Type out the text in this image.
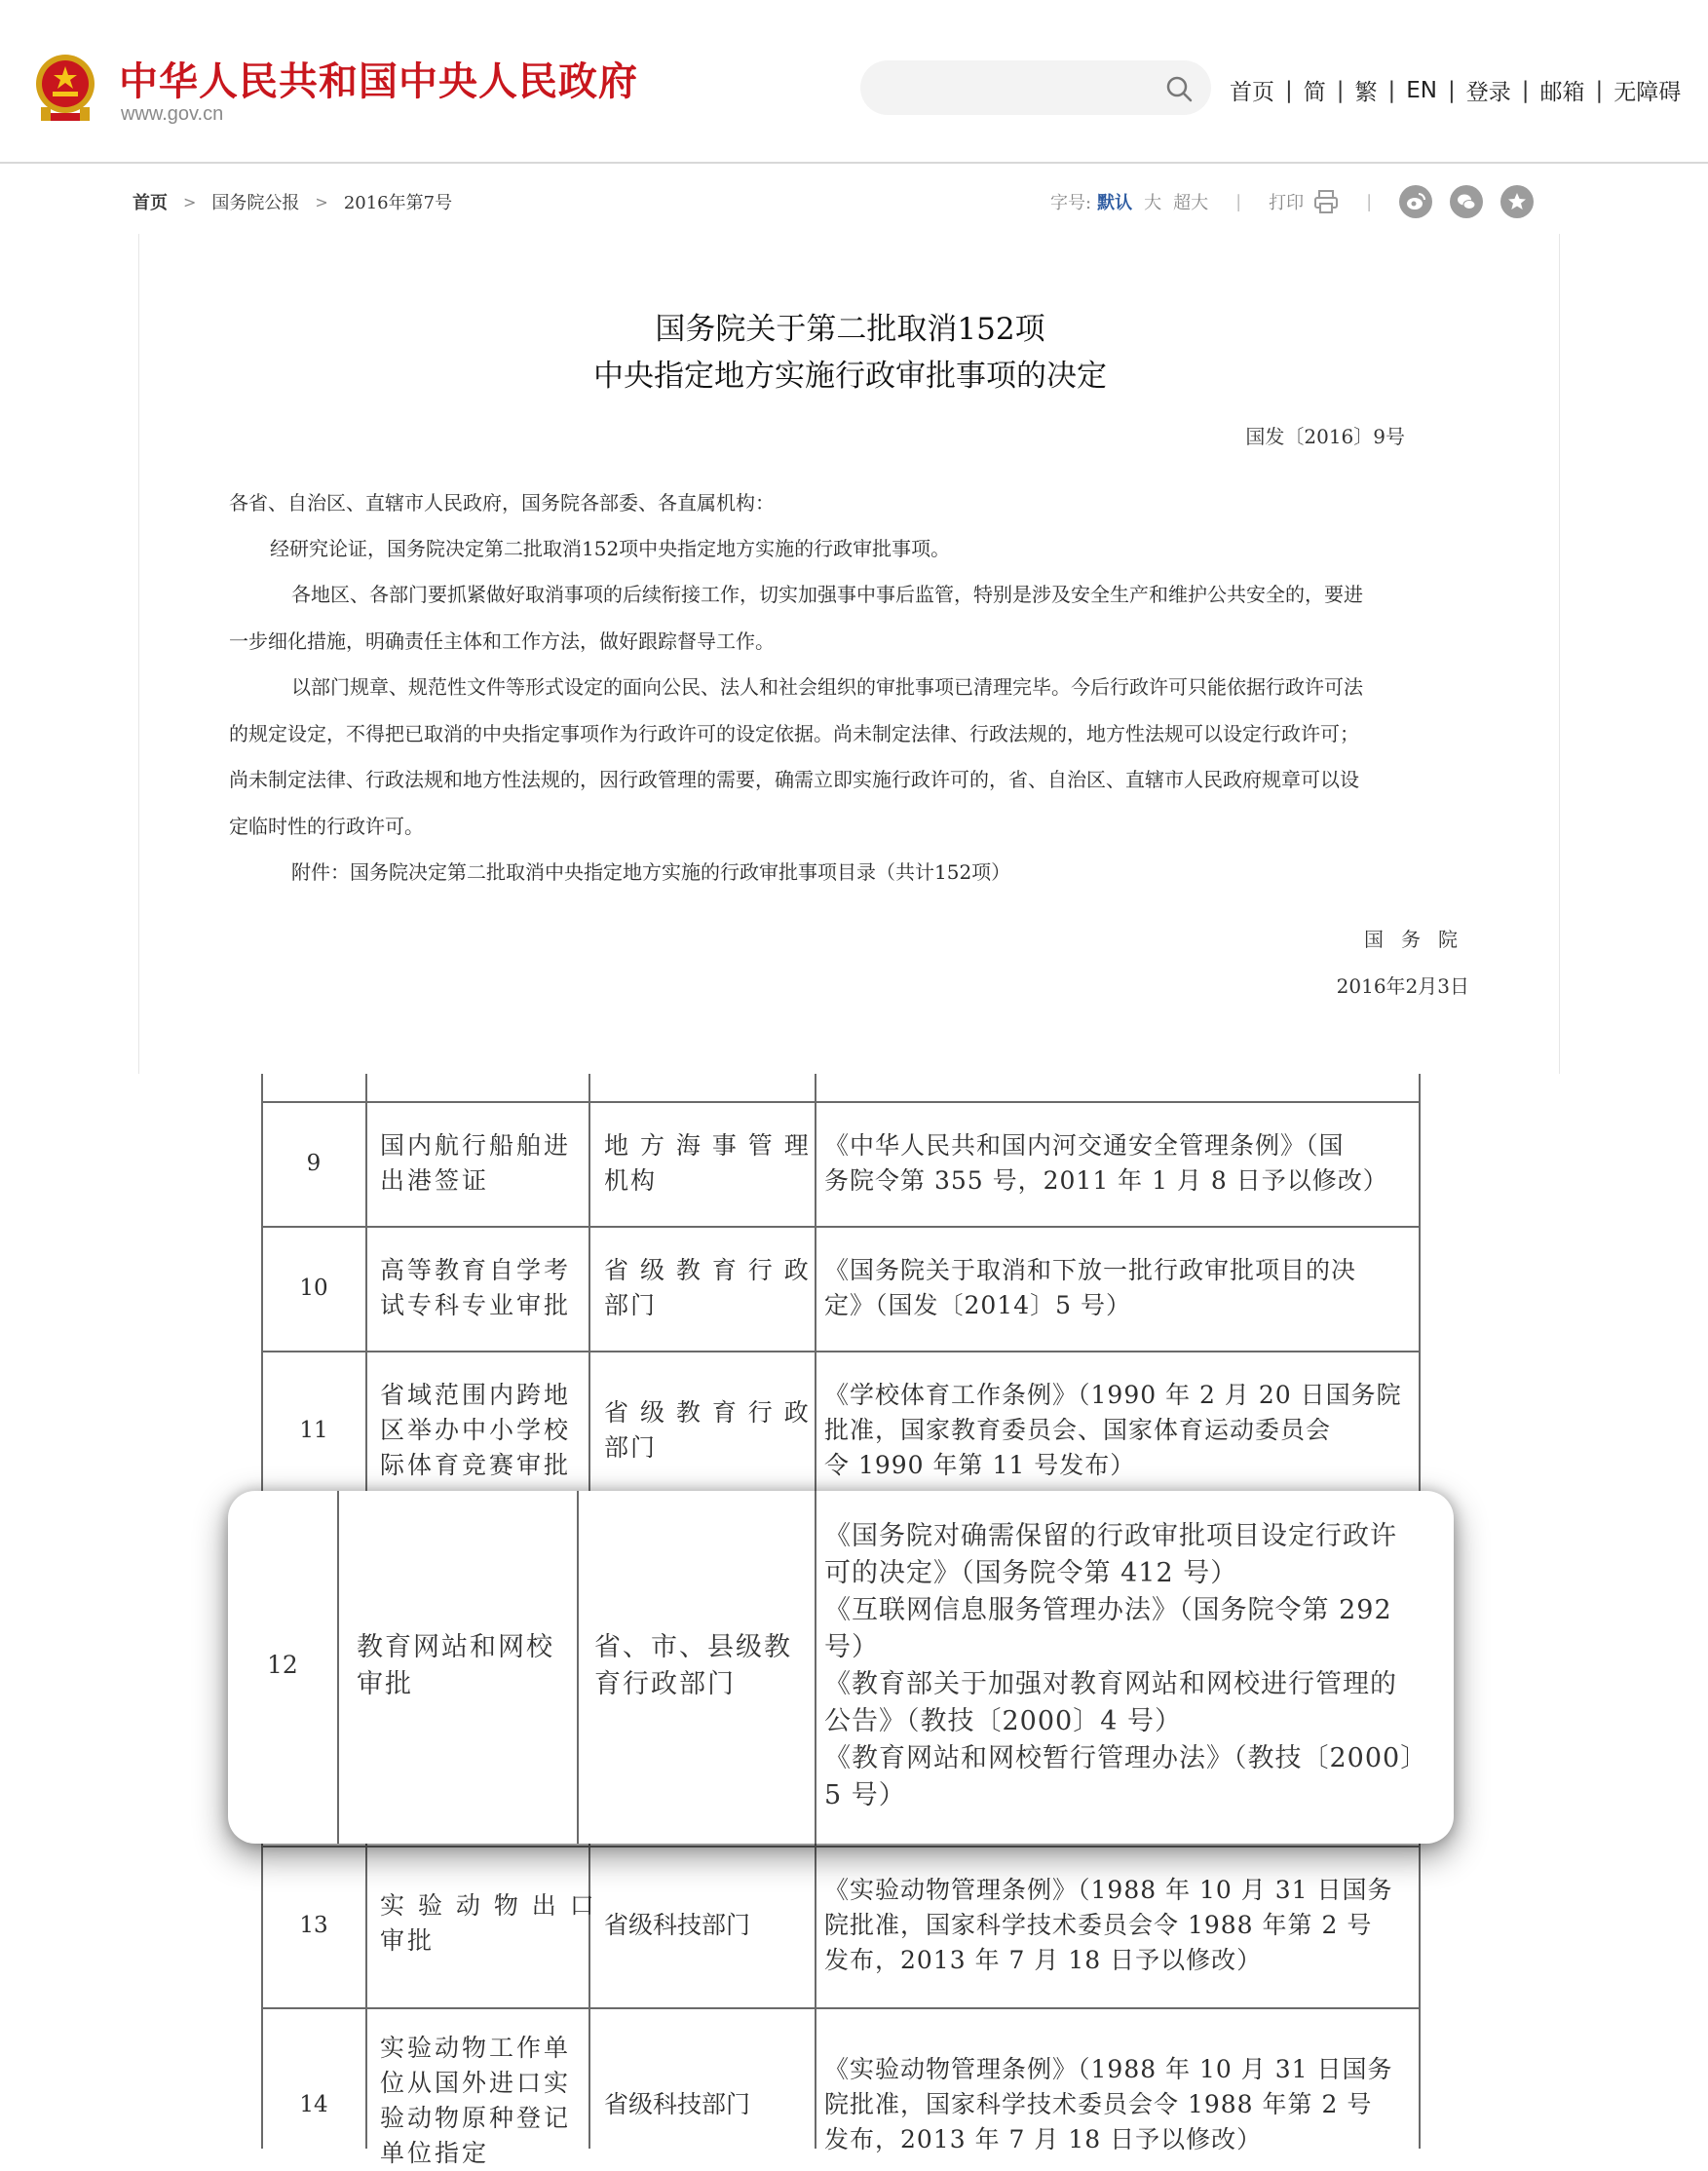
中华人民共和国中央人民政府
www.gov.cn
首页 | 简 | 繁 | EN | 登录 | 邮箱 | 无障碍
首页 > 国务院公报 > 2016年第7号	字号: 默认 大 超大 | 打印	|
国务院关于第二批取消152项
中央指定地方实施行政审批事项的决定
国发〔2016〕9号
各省、自治区、直辖市人民政府，国务院各部委、各直属机构：
经研究论证，国务院决定第二批取消152项中央指定地方实施的行政审批事项。
各地区、各部门要抓紧做好取消事项的后续衔接工作，切实加强事中事后监管，特别是涉及安全生产和维护公共安全的，要进
一步细化措施，明确责任主体和工作方法，做好跟踪督导工作。
以部门规章、规范性文件等形式设定的面向公民、法人和社会组织的审批事项已清理完毕。今后行政许可只能依据行政许可法
的规定设定，不得把已取消的中央指定事项作为行政许可的设定依据。尚未制定法律、行政法规的，地方性法规可以设定行政许可；
尚未制定法律、行政法规和地方性法规的，因行政管理的需要，确需立即实施行政许可的，省、自治区、直辖市人民政府规章可以设
定临时性的行政许可。
附件：国务院决定第二批取消中央指定地方实施的行政审批事项目录（共计152项）
国务院
2016年2月3日
9
国内航行船舶进
出港签证
地 方 海 事 管 理
机构
《中华人民共和国内河交通安全管理条例》（国
务院令第 355 号，2011 年 1 月 8 日予以修改）
10
高等教育自学考
试专科专业审批
省 级 教 育 行 政
部门
《国务院关于取消和下放一批行政审批项目的决
定》（国发〔2014〕5 号）
11
省域范围内跨地
区举办中小学校
际体育竞赛审批
省 级 教 育 行 政
部门
《学校体育工作条例》（1990 年 2 月 20 日国务院
批准，国家教育委员会、国家体育运动委员会
令 1990 年第 11 号发布）
13
实 验 动 物 出 口
审批
省级科技部门
《实验动物管理条例》（1988 年 10 月 31 日国务
院批准，国家科学技术委员会令 1988 年第 2 号
发布，2013 年 7 月 18 日予以修改）
14
实验动物工作单
位从国外进口实
验动物原种登记
单位指定
省级科技部门
《实验动物管理条例》（1988 年 10 月 31 日国务
院批准，国家科学技术委员会令 1988 年第 2 号
发布，2013 年 7 月 18 日予以修改）
12
教育网站和网校
审批
省、市、县级教
育行政部门
《国务院对确需保留的行政审批项目设定行政许
可的决定》（国务院令第 412 号）
《互联网信息服务管理办法》（国务院令第 292
号）
《教育部关于加强对教育网站和网校进行管理的
公告》（教技〔2000〕4 号）
《教育网站和网校暂行管理办法》（教技〔2000〕
5 号）
